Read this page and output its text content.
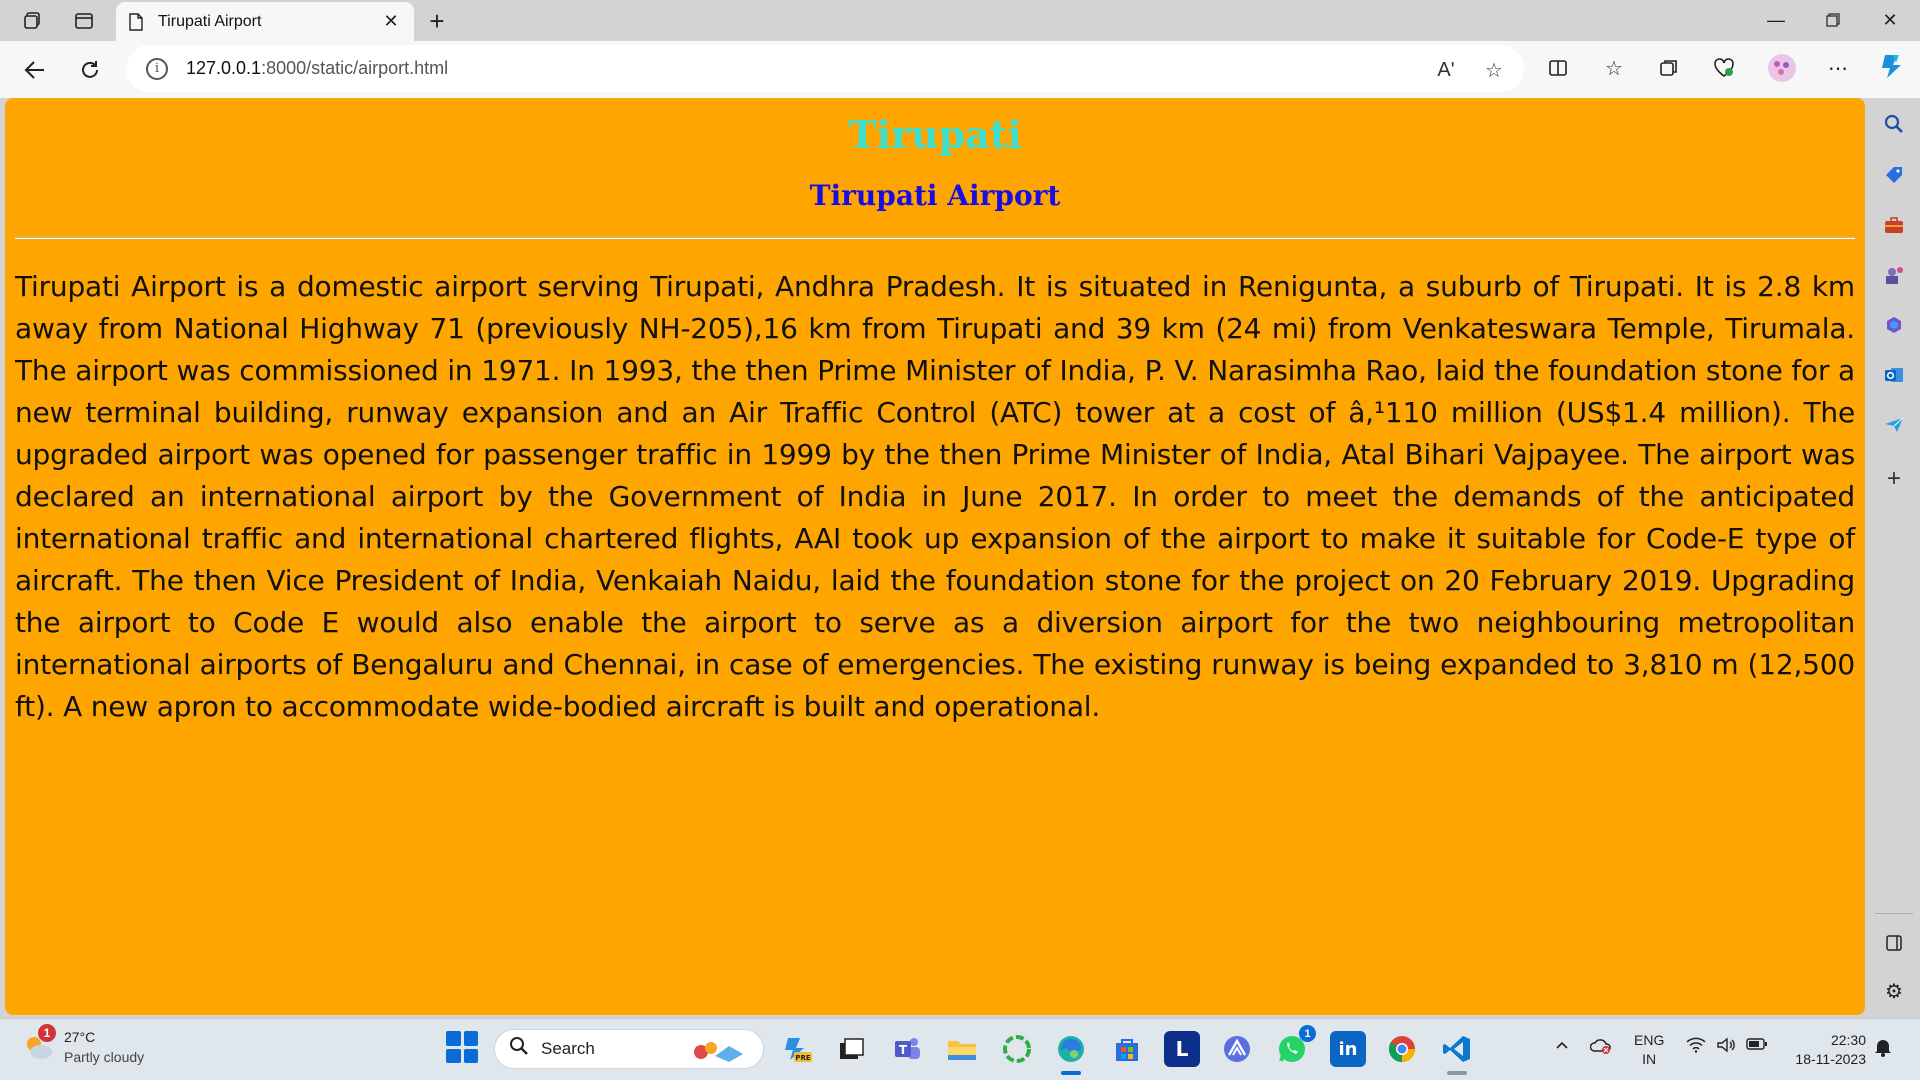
Tirupati Airport	✕	+	—	✕
i	127.0.0.1:8000/static/airport.html	Aʹ	☆	☆	⋯
Tirupati
Tirupati Airport

Tirupati Airport is a domestic airport serving Tirupati, Andhra Pradesh. It is situated in Renigunta, a suburb of Tirupati. It is 2.8 km away from National Highway 71 (previously NH-205),16 km from Tirupati and 39 km (24 mi) from Venkateswara Temple, Tirumala. The airport was commissioned in 1971. In 1993, the then Prime Minister of India, P. V. Narasimha Rao, laid the foundation stone for a new terminal building, runway expansion and an Air Traffic Control (ATC) tower at a cost of â,¹110 million (US$1.4 million). The upgraded airport was opened for passenger traffic in 1999 by the then Prime Minister of India, Atal Bihari Vajpayee. The airport was declared an international airport by the Government of India in June 2017. In order to meet the demands of the anticipated international traffic and international chartered flights, AAI took up expansion of the airport to make it suitable for Code-E type of aircraft. The then Vice President of India, Venkaiah Naidu, laid the foundation stone for the project on 20 February 2019. Upgrading the airport to Code E would also enable the airport to serve as a diversion airport for the two neighbouring metropolitan international airports of Bengaluru and Chennai, in case of emergencies. The existing runway is being expanded to 3,810 m (12,500 ft). A new apron to accommodate wide-bodied aircraft is built and operational.

+
⚙
1 27°C
Partly cloudy	Search	PRE
T	L
1
in	ENG
IN
22:30
18-11-2023
